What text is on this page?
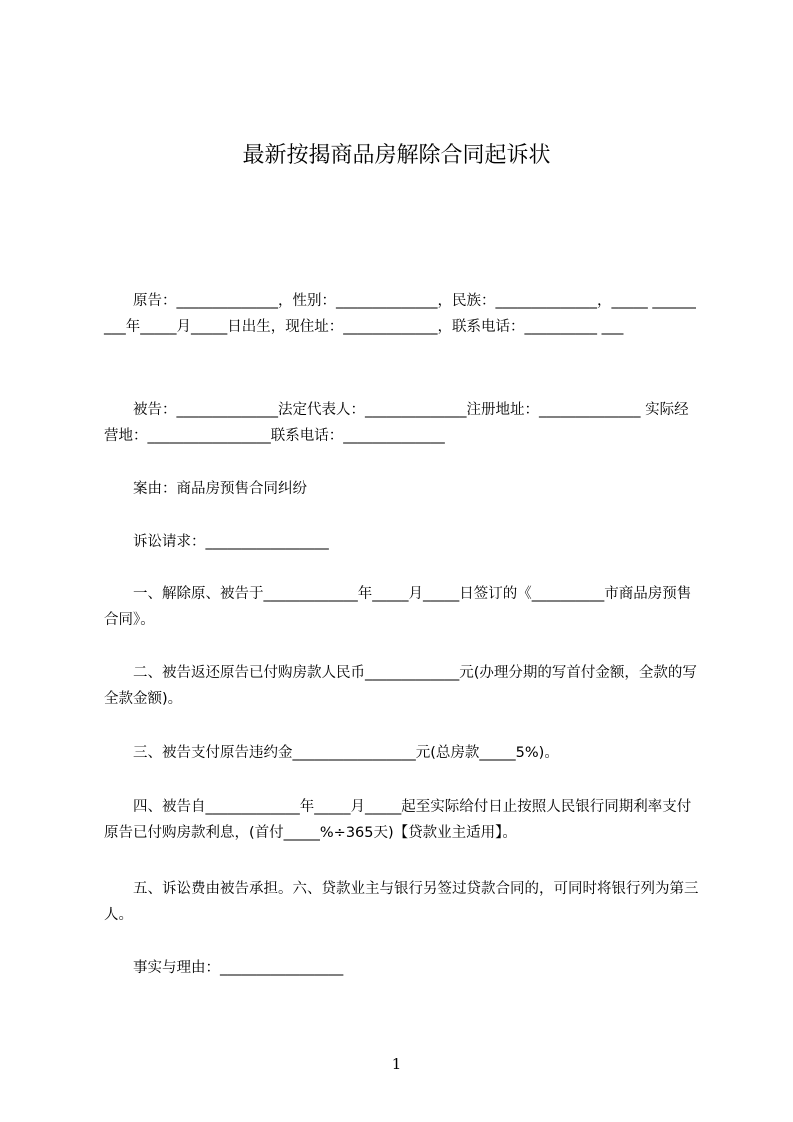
最新按揭商品房解除合同起诉状

原告：______________，性别：______________，民族：______________，_____ _________年_____月_____日出生，现住址：_____________，联系电话：__________ ___

被告：______________法定代表人：______________注册地址：______________ 实际经营地：_________________联系电话：______________

案由：商品房预售合同纠纷

诉讼请求：_________________

一、解除原、被告于_____________年_____月_____日签订的《__________市商品房预售合同》。

二、被告返还原告已付购房款人民币_____________元(办理分期的写首付金额，全款的写全款金额)。

三、被告支付原告违约金_________________元(总房款_____5%)。

四、被告自_____________年_____月_____起至实际给付日止按照人民银行同期利率支付原告已付购房款利息，(首付_____%÷365天)【贷款业主适用】。

五、诉讼费由被告承担。六、贷款业主与银行另签过贷款合同的，可同时将银行列为第三人。

事实与理由：_________________

1
